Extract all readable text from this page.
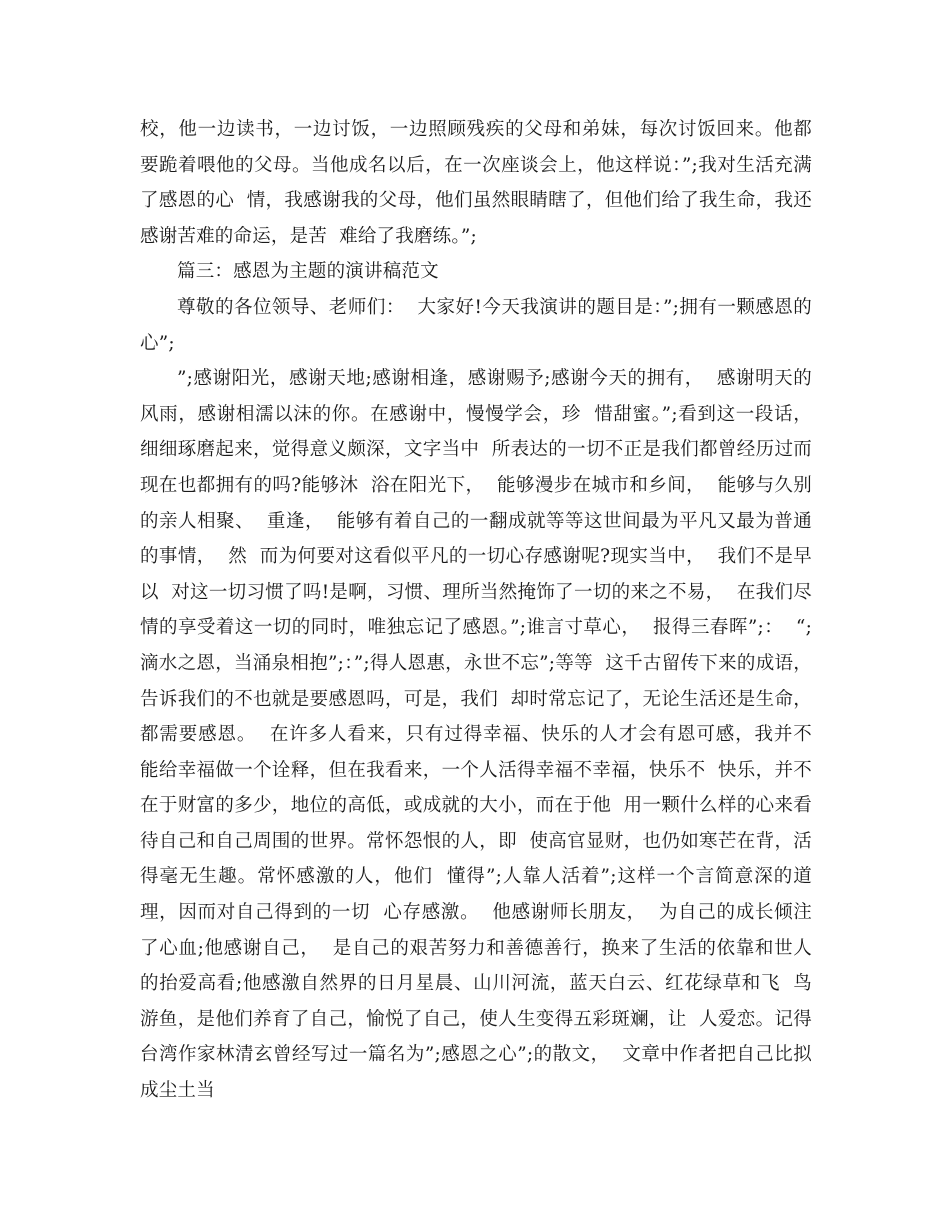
校，他一边读书，一边讨饭，一边照顾残疾的父母和弟妹，每次讨饭回来。他都要跪着喂他的父母。当他成名以后，在一次座谈会上，他这样说：”;我对生活充满了感恩的心  情，我感谢我的父母，他们虽然眼睛瞎了，但他们给了我生命，我还感谢苦难的命运，是苦  难给了我磨练。”;

篇三：感恩为主题的演讲稿范文

尊敬的各位领导、老师们：  大家好!今天我演讲的题目是：”;拥有一颗感恩的心”;

”;感谢阳光，感谢天地;感谢相逢，感谢赐予;感谢今天的拥有，  感谢明天的风雨，感谢相濡以沫的你。在感谢中，慢慢学会，珍  惜甜蜜。”;看到这一段话，细细琢磨起来，觉得意义颇深，文字当中  所表达的一切不正是我们都曾经历过而现在也都拥有的吗?能够沐  浴在阳光下，  能够漫步在城市和乡间，  能够与久别的亲人相聚、  重逢，  能够有着自己的一翻成就等等这世间最为平凡又最为普通的事情，  然  而为何要对这看似平凡的一切心存感谢呢?现实当中，  我们不是早以  对这一切习惯了吗!是啊，习惯、理所当然掩饰了一切的来之不易，  在我们尽情的享受着这一切的同时，唯独忘记了感恩。”;谁言寸草心，  报得三春晖”;：  “;滴水之恩，当涌泉相抱”;：”;得人恩惠，永世不忘”;等等  这千古留传下来的成语，告诉我们的不也就是要感恩吗，可是，我们  却时常忘记了，无论生活还是生命，都需要感恩。  在许多人看来，只有过得幸福、快乐的人才会有恩可感，我并不  能给幸福做一个诠释，但在我看来，一个人活得幸福不幸福，快乐不  快乐，并不在于财富的多少，地位的高低，或成就的大小，而在于他  用一颗什么样的心来看待自己和自己周围的世界。常怀怨恨的人，即  使高官显财，也仍如寒芒在背，活得毫无生趣。常怀感激的人，他们  懂得”;人靠人活着”;这样一个言简意深的道理，因而对自己得到的一切  心存感激。  他感谢师长朋友，  为自己的成长倾注了心血;他感谢自己，  是自己的艰苦努力和善德善行，换来了生活的依靠和世人的抬爱高看;他感激自然界的日月星晨、山川河流，蓝天白云、红花绿草和飞  鸟游鱼，是他们养育了自己，愉悦了自己，使人生变得五彩斑斓，让  人爱恋。记得台湾作家林清玄曾经写过一篇名为”;感恩之心”;的散文，  文章中作者把自己比拟成尘土当
